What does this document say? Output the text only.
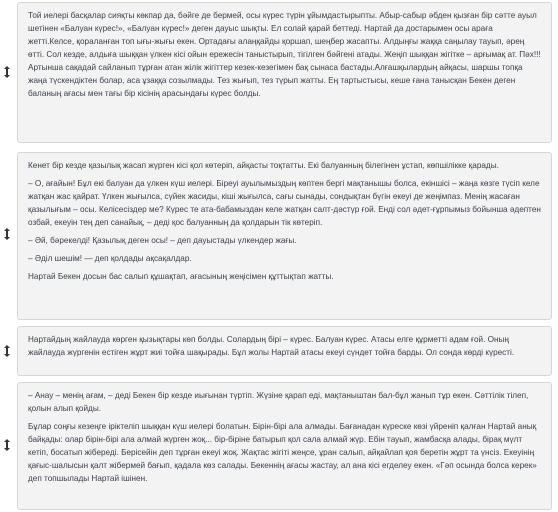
Той иелері басқалар сияқты көкпар да, бәйге де бермей, осы күрес түрін ұйымдастырыпты. Абыр-сабыр әбден қызған бір сәтте ауыл шетінен «Балуан күрес!», «Балуан күрес!» деген дауыс шықты. Ел солай қарай беттеді. Нартай да достарымен осы араға жетті.Келсе, қораланған топ ығы-жығы екен. Ортадағы алаңқайды қоршап, шеңбер жасапты. Алдыңғы жаққа саңылау тауып, әрең өтті. Сол кезде, алдыға шыққан үлкен кісі ойын ережесін таныстырып, тігілген бәйгені атады. Жеңіп шыққан жігітке – арғымақ ат. Пәх!!!Артынша сақадай сайланып тұрған атан жілік жігіттер кезек-кезегімен бақ сынаса бастады.Алғашқылардың айқасы, шаршы топқа жаңа түскендіктен болар, аса ұзаққа созылмады. Тез жығып, тез түрып жатты. Ең тартыстысы, кеше ғана танысқан Бекен деген баланың ағасы мен тағы бір кісінің арасындағы күрес болды.

Кенет бір кезде қазылық жасап жүрген кісі қол көтеріп, айқасты тоқтатты. Екі балуанның білегінен ұстап, көпшілікке қарады.

– О, ағайын! Бұл екі балуан да үлкен күш иелері. Біреуі ауылымыздың көптен бергі мақтанышы болса, екіншісі – жаңа көзге түсіп келе жатқан жас қайрат. Үлкен жығылса, сүйек жасиды, кіші жығылса, сағы сынады, сондықтан бүгін екеуі де жеңімпаз. Менің жасаған қазылығым – осы. Келісесіздер ме? Күрес те ата-бабамыздан келе жатқан салт-дәстүр ғой. Енді сол әдет-ғұрпымыз бойынша әдептен озбай, екеуін тең деп санайық, – деді қос балуанның да қолдарын тік көтеріп.

– Әй, бәрекелді! Қазылық деген осы! – деп дауыстады үлкендер жағы.

– Әділ шешім! — деп қолдады ақсақалдар.

Нартай Бекен досын бас салып құшақтап, ағасының жеңісімен құттықтап жатты.

Нартайдың жайлауда көрген қызықтары көп болды. Солардың бірі – күрес. Балуан күрес. Атасы елге құрметті адам ғой. Оның жайлауда жүргенін естіген жұрт жиі тойға шақырады. Бұл жолы Нартай атасы екеуі сүндет тойға барды. Ол сонда көрді күресті.

– Анау – менің ағам, – деді Бекен бір кезде иығынан түртіп. Жүзіне қарап еді, мақтаныштан бал-бұл жанып тұр екен. Сәттілік тілеп, қолын алып қойды.

Бұлар соңғы кезеңге іріктеліп шыққан күш иелері болатын. Бірін-бірі ала алмады. Бағанадан күреске көзі үйреніп қалған Нартай анық байқады: олар бірін-бірі ала алмай жүрген жоқ... бір-біріне батырып қол сала алмай жүр. Ебін тауып, жамбасқа алады, бірақ мүлт кетіп, босатып жібереді. Берісейін деп тұрған екеуі жоқ. Жақтас жігіті жеңсе, ұран салып, айқайлап қоя беретін жұрт та үнсіз. Екеуінің қағыс-шалысын қалт жібермей бағып, қадала көз салады. Бекеннің ағасы жастау, ал ана кісі егделеу екен. «Гәп осында болса керек» деп топшылады Нартай ішінен.
